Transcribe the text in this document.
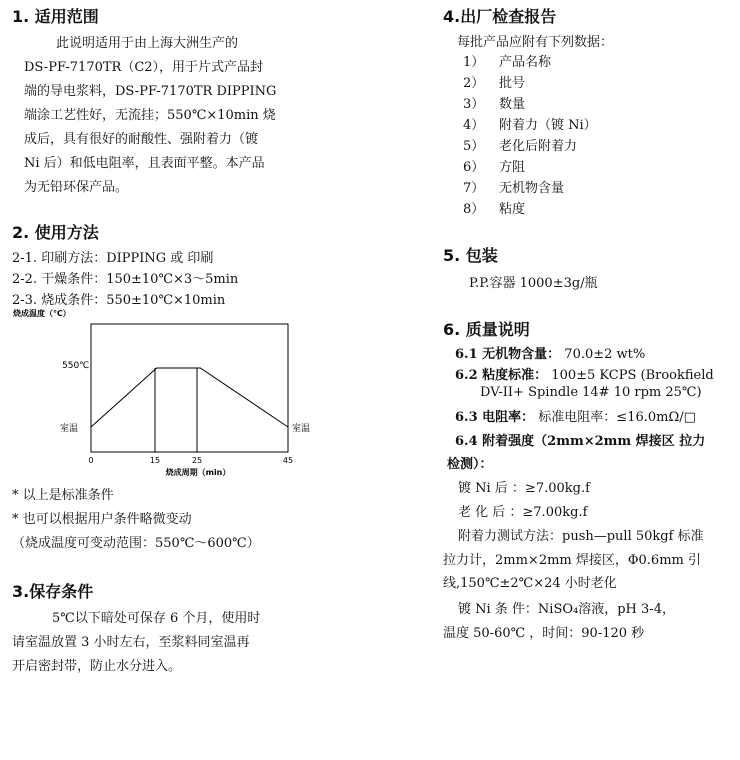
1. 适用范围
此说明适用于由上海大洲生产的
DS-PF-7170TR（C2），用于片式产品封
端的导电浆料，DS-PF-7170TR DIPPING
端涂工艺性好，无流挂；550℃×10min 烧
成后，具有很好的耐酸性、强附着力（镀
Ni 后）和低电阻率，且表面平整。本产品
为无铅环保产品。
2. 使用方法
2-1. 印刷方法：DIPPING 或 印刷
2-2. 干燥条件：150±10℃×3～5min
2-3. 烧成条件：550±10℃×10min
烧成温度（℃）
550℃
室温	室温
0	15	25	45
烧成周期（min）
* 以上是标准条件
* 也可以根据用户条件略微变动
（烧成温度可变动范围：550℃～600℃）
3.保存条件
5℃以下暗处可保存 6 个月，使用时
请室温放置 3 小时左右，至浆料同室温再
开启密封带，防止水分进入。
4.出厂检查报告
每批产品应附有下列数据：
1） 产品名称
2） 批号
3） 数量
4） 附着力（镀 Ni）
5） 老化后附着力
6） 方阻
7） 无机物含量
8） 粘度
5. 包装
P.P.容器 1000±3g/瓶
6. 质量说明
6.1 无机物含量： 70.0±2 wt%
6.2 粘度标准： 100±5 KCPS (Brookfield
DV-II+ Spindle 14# 10 rpm 25℃)
6.3 电阻率： 标准电阻率：≤16.0mΩ/□
6.4 附着强度（2mm×2mm 焊接区 拉力
检测）：
镀 Ni 后 ：≥7.00kg.f
老 化 后 ：≥7.00kg.f
附着力测试方法：push—pull 50kgf 标准
拉力计，2mm×2mm 焊接区，Φ0.6mm 引
线,150℃±2℃×24 小时老化
镀 Ni 条 件：NiSO₄溶液，pH 3-4，
温度 50-60℃ ，时间：90-120 秒
